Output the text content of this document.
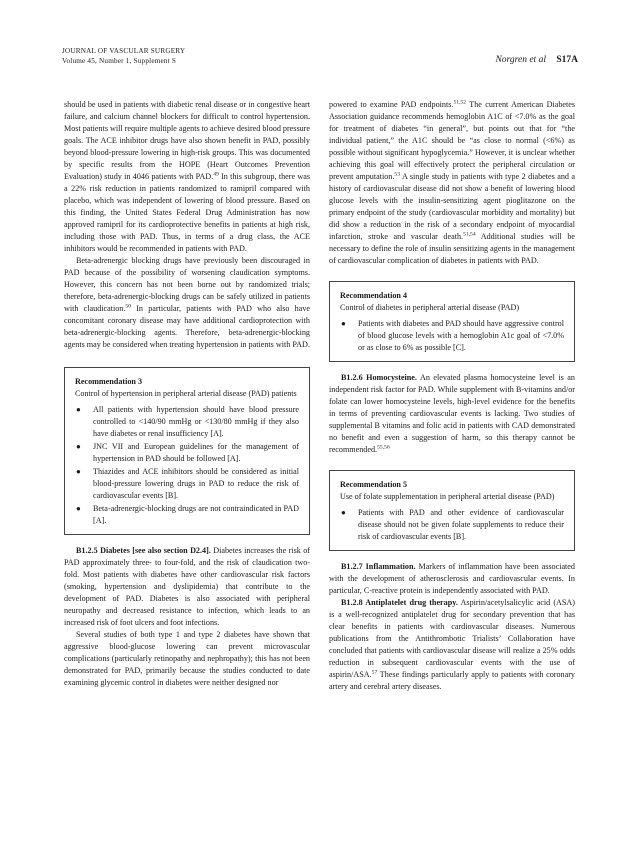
JOURNAL OF VASCULAR SURGERY
Volume 45, Number 1, Supplement S	Norgren et al S17A

should be used in patients with diabetic renal disease or in congestive heart failure, and calcium channel blockers for difficult to control hypertension. Most patients will require multiple agents to achieve desired blood pressure goals. The ACE inhibitor drugs have also shown benefit in PAD, possibly beyond blood-pressure lowering in high-risk groups. This was documented by specific results from the HOPE (Heart Outcomes Prevention Evaluation) study in 4046 patients with PAD.$^{49}$ In this subgroup, there was a 22% risk reduction in patients randomized to ramipril compared with placebo, which was independent of lowering of blood pressure. Based on this finding, the United States Federal Drug Administration has now approved ramipril for its cardioprotective benefits in patients at high risk, including those with PAD. Thus, in terms of a drug class, the ACE inhibitors would be recommended in patients with PAD.

Beta-adrenergic blocking drugs have previously been discouraged in PAD because of the possibility of worsening claudication symptoms. However, this concern has not been borne out by randomized trials; therefore, beta-adrenergic-blocking drugs can be safely utilized in patients with claudication.$^{50}$ In particular, patients with PAD who also have concomitant coronary disease may have additional cardioprotection with beta-adrenergic-blocking agents. Therefore, beta-adrenergic-blocking agents may be considered when treating hypertension in patients with PAD.

Recommendation 3
Control of hypertension in peripheral arterial disease (PAD) patients
● All patients with hypertension should have blood pressure controlled to <140/90 mmHg or <130/80 mmHg if they also have diabetes or renal insufficiency [A].
● JNC VII and European guidelines for the management of hypertension in PAD should be followed [A].
● Thiazides and ACE inhibitors should be considered as initial blood-pressure lowering drugs in PAD to reduce the risk of cardiovascular events [B].
● Beta-adrenergic-blocking drugs are not contraindicated in PAD [A].

B1.2.5 Diabetes [see also section D2.4]. Diabetes increases the risk of PAD approximately three- to four-fold, and the risk of claudication two-fold. Most patients with diabetes have other cardiovascular risk factors (smoking, hypertension and dyslipidemia) that contribute to the development of PAD. Diabetes is also associated with peripheral neuropathy and decreased resistance to infection, which leads to an increased risk of foot ulcers and foot infections.

Several studies of both type 1 and type 2 diabetes have shown that aggressive blood-glucose lowering can prevent microvascular complications (particularly retinopathy and nephropathy); this has not been demonstrated for PAD, primarily because the studies conducted to date examining glycemic control in diabetes were neither designed nor

powered to examine PAD endpoints.$^{51,52}$ The current American Diabetes Association guidance recommends hemoglobin A1C of <7.0% as the goal for treatment of diabetes “in general”, but points out that for “the individual patient,” the A1C should be “as close to normal (<6%) as possible without significant hypoglycemia.” However, it is unclear whether achieving this goal will effectively protect the peripheral circulation or prevent amputation.$^{53}$ A single study in patients with type 2 diabetes and a history of cardiovascular disease did not show a benefit of lowering blood glucose levels with the insulin-sensitizing agent pioglitazone on the primary endpoint of the study (cardiovascular morbidity and mortality) but did show a reduction in the risk of a secondary endpoint of myocardial infarction, stroke and vascular death.$^{51,54}$ Additional studies will be necessary to define the role of insulin sensitizing agents in the management of cardiovascular complication of diabetes in patients with PAD.

Recommendation 4
Control of diabetes in peripheral arterial disease (PAD)
● Patients with diabetes and PAD should have aggressive control of blood glucose levels with a hemoglobin A1c goal of <7.0% or as close to 6% as possible [C].

B1.2.6 Homocysteine. An elevated plasma homocysteine level is an independent risk factor for PAD. While supplement with B-vitamins and/or folate can lower homocysteine levels, high-level evidence for the benefits in terms of preventing cardiovascular events is lacking. Two studies of supplemental B vitamins and folic acid in patients with CAD demonstrated no benefit and even a suggestion of harm, so this therapy cannot be recommended.$^{55,56}$

Recommendation 5
Use of folate supplementation in peripheral arterial disease (PAD)
● Patients with PAD and other evidence of cardiovascular disease should not be given folate supplements to reduce their risk of cardiovascular events [B].

B1.2.7 Inflammation. Markers of inflammation have been associated with the development of atherosclerosis and cardiovascular events. In particular, C-reactive protein is independently associated with PAD.

B1.2.8 Antiplatelet drug therapy. Aspirin/acetylsalicylic acid (ASA) is a well-recognized antiplatelet drug for secondary prevention that has clear benefits in patients with cardiovascular diseases. Numerous publications from the Antithrombotic Trialists’ Collaboration have concluded that patients with cardiovascular disease will realize a 25% odds reduction in subsequent cardiovascular events with the use of aspirin/ASA.$^{57}$ These findings particularly apply to patients with coronary artery and cerebral artery diseases.
